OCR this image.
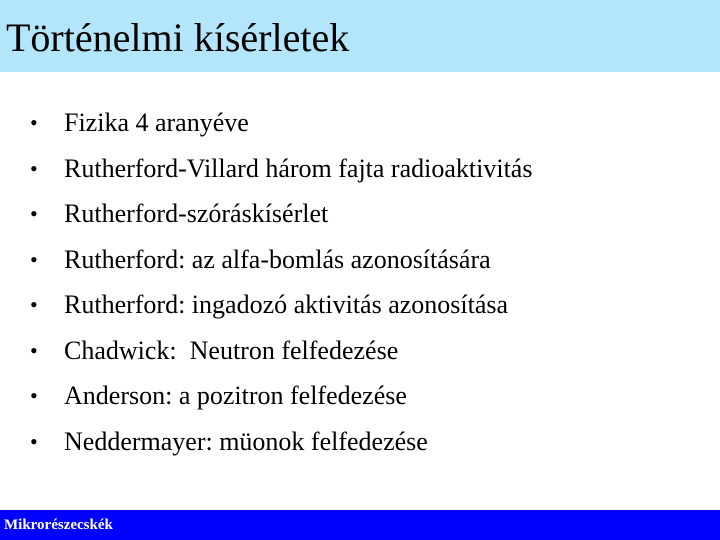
Történelmi kísérletek
• Fizika 4 aranyéve
• Rutherford-Villard három fajta radioaktivitás
• Rutherford-szóráskísérlet
• Rutherford: az alfa-bomlás azonosítására
• Rutherford: ingadozó aktivitás azonosítása
• Chadwick:  Neutron felfedezése
• Anderson: a pozitron felfedezése
• Neddermayer: müonok felfedezése
Mikrorészecskék
